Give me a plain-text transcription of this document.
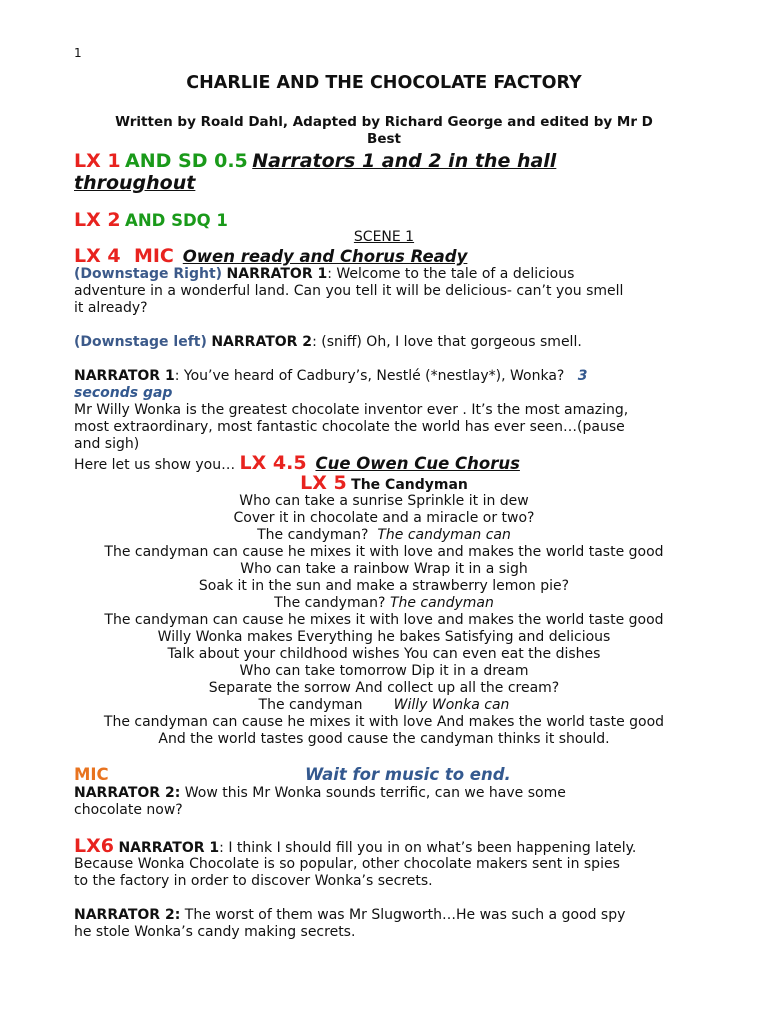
1
CHARLIE AND THE CHOCOLATE FACTORY
Written by Roald Dahl, Adapted by Richard George and edited by Mr D
Best
LX 1 AND SD 0.5 Narrators 1 and 2 in the hall
throughout
LX 2 AND SDQ 1
SCENE 1
LX 4 MIC Owen ready and Chorus Ready
(Downstage Right) NARRATOR 1: Welcome to the tale of a delicious
adventure in a wonderful land. Can you tell it will be delicious- can’t you smell
it already?
(Downstage left) NARRATOR 2: (sniff) Oh, I love that gorgeous smell.
NARRATOR 1: You’ve heard of Cadbury’s, Nestlé (*nestlay*), Wonka? 3
seconds gap
Mr Willy Wonka is the greatest chocolate inventor ever . It’s the most amazing,
most extraordinary, most fantastic chocolate the world has ever seen…(pause
and sigh)
Here let us show you… LX 4.5 Cue Owen Cue Chorus
LX 5 The Candyman
Who can take a sunrise Sprinkle it in dew
Cover it in chocolate and a miracle or two?
The candyman? The candyman can
The candyman can cause he mixes it with love and makes the world taste good
Who can take a rainbow Wrap it in a sigh
Soak it in the sun and make a strawberry lemon pie?
The candyman? The candyman
The candyman can cause he mixes it with love and makes the world taste good
Willy Wonka makes Everything he bakes Satisfying and delicious
Talk about your childhood wishes You can even eat the dishes
Who can take tomorrow Dip it in a dream
Separate the sorrow And collect up all the cream?
The candyman Willy Wonka can
The candyman can cause he mixes it with love And makes the world taste good
And the world tastes good cause the candyman thinks it should.
MIC	Wait for music to end.
NARRATOR 2: Wow this Mr Wonka sounds terrific, can we have some
chocolate now?
LX6 NARRATOR 1: I think I should fill you in on what’s been happening lately.
Because Wonka Chocolate is so popular, other chocolate makers sent in spies
to the factory in order to discover Wonka’s secrets.
NARRATOR 2: The worst of them was Mr Slugworth…He was such a good spy
he stole Wonka’s candy making secrets.
